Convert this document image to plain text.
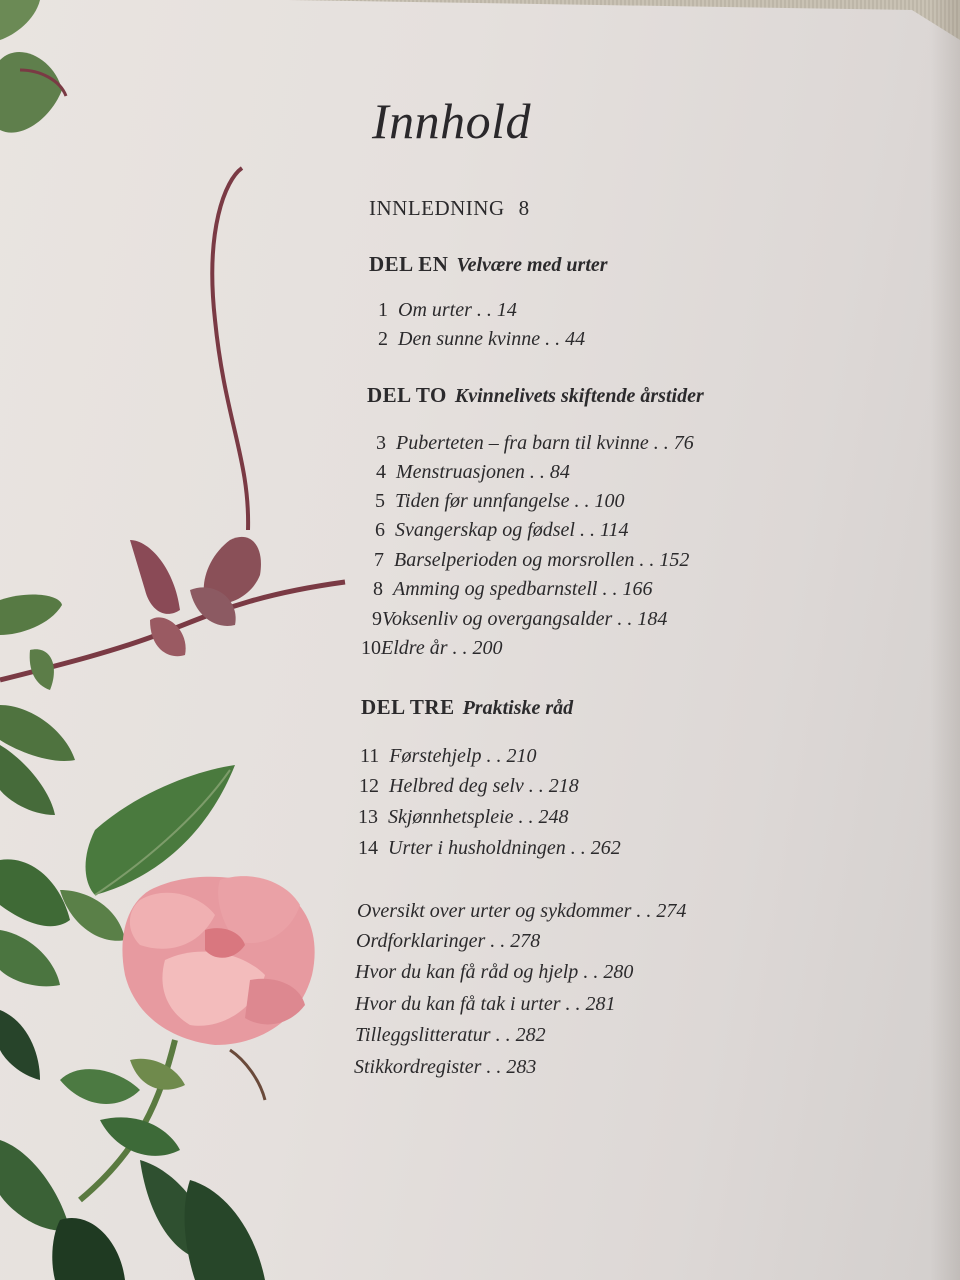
Innhold
INNLEDNING 8
DEL EN Velvære med urter
1 Om urter . . 14
2 Den sunne kvinne . . 44
DEL TO Kvinnelivets skiftende årstider
3 Puberteten – fra barn til kvinne . . 76
4 Menstruasjonen . . 84
5 Tiden før unnfangelse . . 100
6 Svangerskap og fødsel . . 114
7 Barselperioden og morsrollen . . 152
8 Amming og spedbarnstell . . 166
9Voksenliv og overgangsalder . . 184
10Eldre år . . 200
DEL TRE Praktiske råd
11 Førstehjelp . . 210
12 Helbred deg selv . . 218
13 Skjønnhetspleie . . 248
14 Urter i husholdningen . . 262
Oversikt over urter og sykdommer . . 274
Ordforklaringer . . 278
Hvor du kan få råd og hjelp . . 280
Hvor du kan få tak i urter . . 281
Tilleggslitteratur . . 282
Stikkordregister . . 283
